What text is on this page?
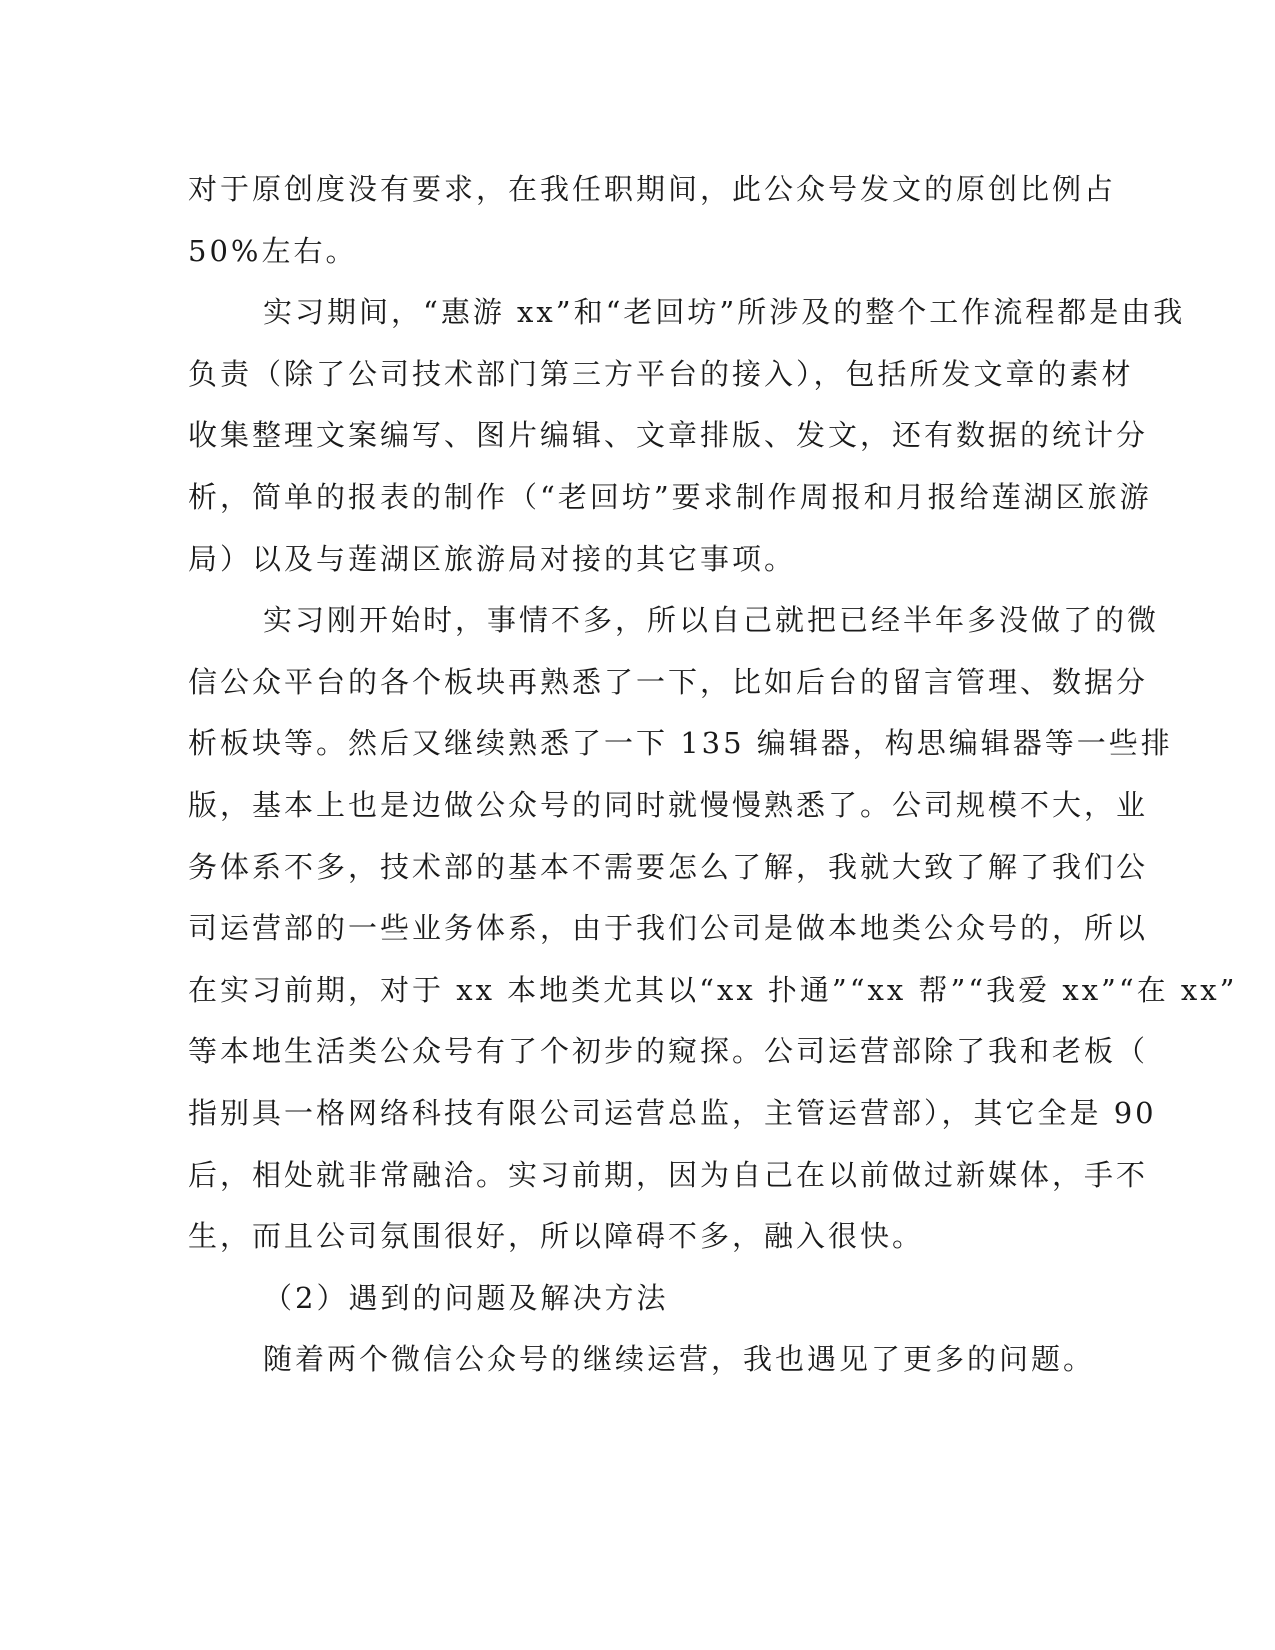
对于原创度没有要求，在我任职期间，此公众号发文的原创比例占
50%左右。
实习期间，“惠游 xx”和“老回坊”所涉及的整个工作流程都是由我
负责（除了公司技术部门第三方平台的接入），包括所发文章的素材
收集整理文案编写、图片编辑、文章排版、发文，还有数据的统计分
析，简单的报表的制作（“老回坊”要求制作周报和月报给莲湖区旅游
局）以及与莲湖区旅游局对接的其它事项。
实习刚开始时，事情不多，所以自己就把已经半年多没做了的微
信公众平台的各个板块再熟悉了一下，比如后台的留言管理、数据分
析板块等。然后又继续熟悉了一下 135 编辑器，构思编辑器等一些排
版，基本上也是边做公众号的同时就慢慢熟悉了。公司规模不大，业
务体系不多，技术部的基本不需要怎么了解，我就大致了解了我们公
司运营部的一些业务体系，由于我们公司是做本地类公众号的，所以
在实习前期，对于 xx 本地类尤其以“xx 扑通”“xx 帮”“我爱 xx”“在 xx”
等本地生活类公众号有了个初步的窥探。公司运营部除了我和老板（
指别具一格网络科技有限公司运营总监，主管运营部），其它全是 90
后，相处就非常融洽。实习前期，因为自己在以前做过新媒体，手不
生，而且公司氛围很好，所以障碍不多，融入很快。
（2）遇到的问题及解决方法
随着两个微信公众号的继续运营，我也遇见了更多的问题。
